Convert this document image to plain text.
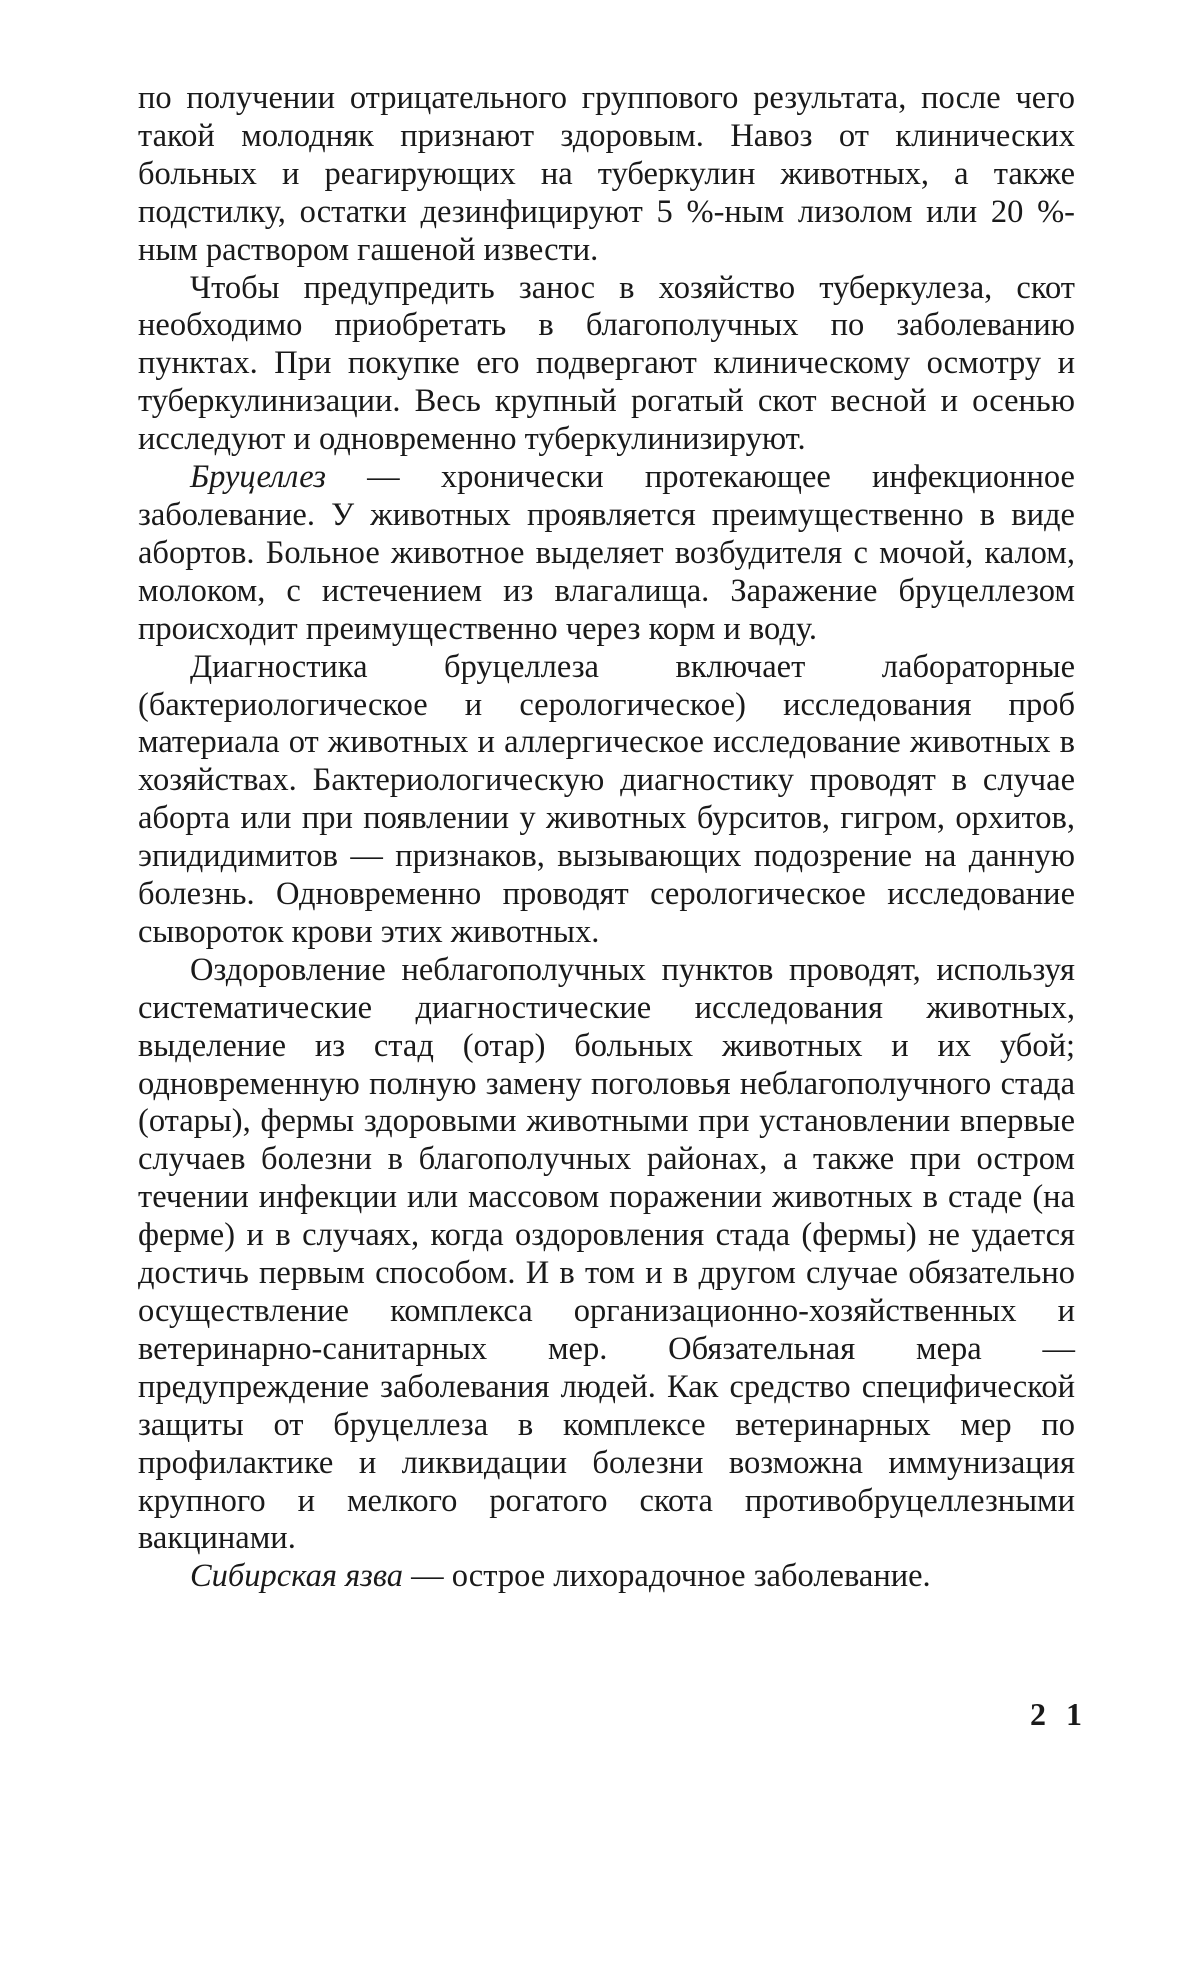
по получении отрицательного группового результата, после чего такой молодняк признают здоровым. Навоз от клинических больных и реагирующих на туберкулин животных, а также подстилку, остатки дезинфицируют 5 %-ным лизолом или 20 %-ным раствором гашеной извести.

Чтобы предупредить занос в хозяйство туберкулеза, скот необходимо приобретать в благополучных по заболеванию пунктах. При покупке его подвергают клиническому осмотру и туберкулинизации. Весь крупный рогатый скот весной и осенью исследуют и одновременно туберкулинизируют.

Бруцеллез — хронически протекающее инфекционное заболевание. У животных проявляется преимущественно в виде абортов. Больное животное выделяет возбудителя с мочой, калом, молоком, с истечением из влагалища. Заражение бруцеллезом происходит преимущественно через корм и воду.

Диагностика бруцеллеза включает лабораторные (бактериологическое и серологическое) исследования проб материала от животных и аллергическое исследование животных в хозяйствах. Бактериологическую диагностику проводят в случае аборта или при появлении у животных бурситов, гигром, орхитов, эпидидимитов — признаков, вызывающих подозрение на данную болезнь. Одновременно проводят серологическое исследование сывороток крови этих животных.

Оздоровление неблагополучных пунктов проводят, используя систематические диагностические исследования животных, выделение из стад (отар) больных животных и их убой; одновременную полную замену поголовья неблагополучного стада (отары), фермы здоровыми животными при установлении впервые случаев болезни в благополучных районах, а также при остром течении инфекции или массовом поражении животных в стаде (на ферме) и в случаях, когда оздоровления стада (фермы) не удается достичь первым способом. И в том и в другом случае обязательно осуществление комплекса организационно-хозяйственных и ветеринарно-санитарных мер. Обязательная мера — предупреждение заболевания людей. Как средство специфической защиты от бруцеллеза в комплексе ветеринарных мер по профилактике и ликвидации болезни возможна иммунизация крупного и мелкого рогатого скота противобруцеллезными вакцинами.

Сибирская язва — острое лихорадочное заболевание.

2 1
